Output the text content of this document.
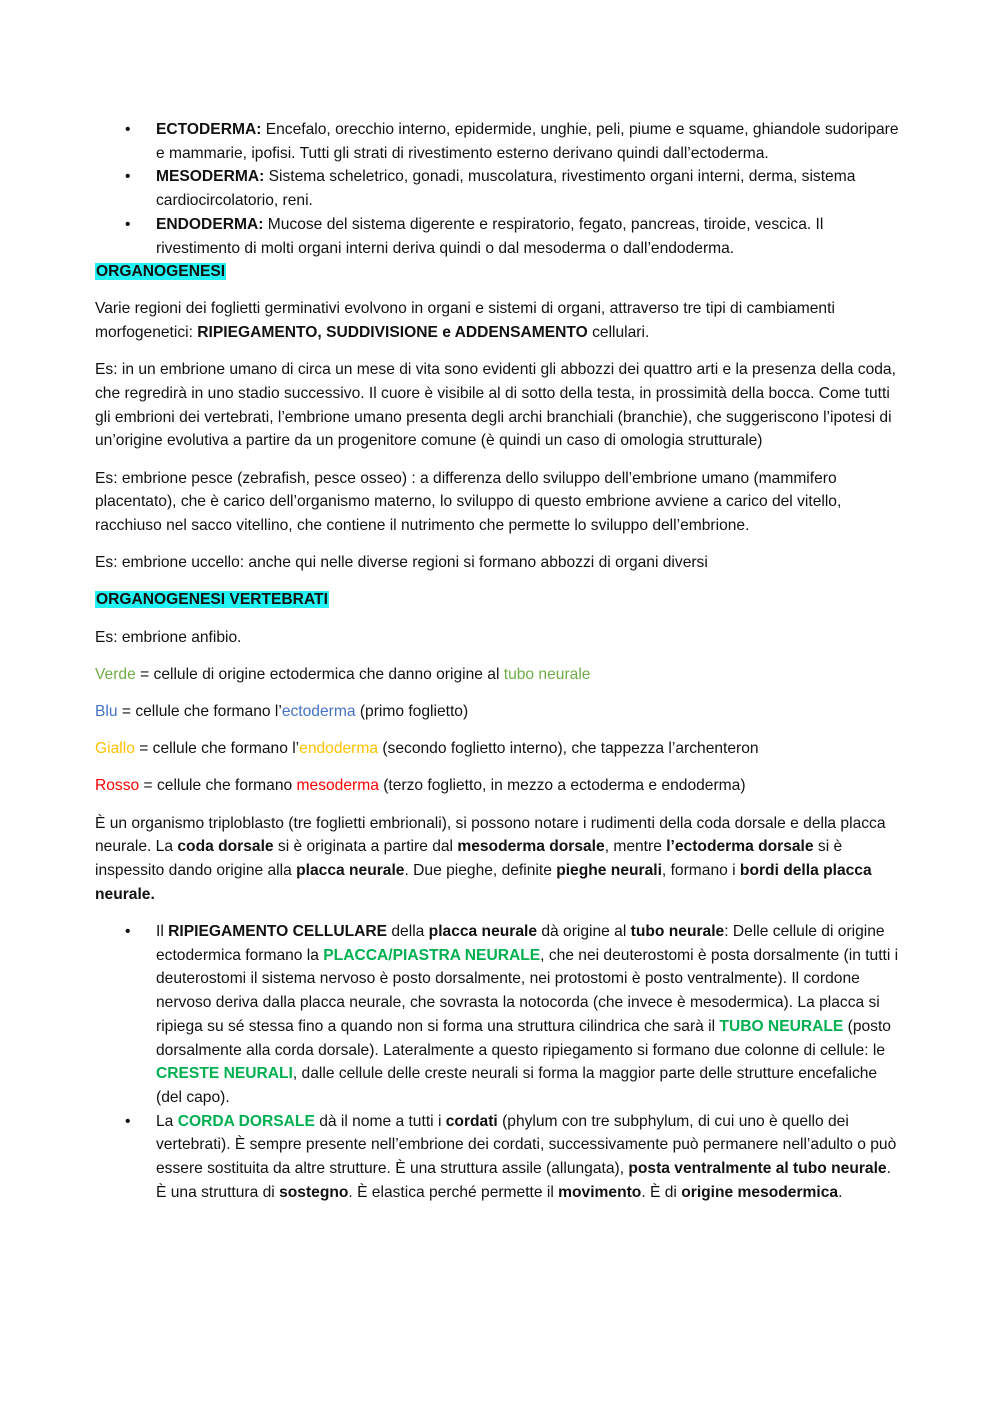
• ECTODERMA: Encefalo, orecchio interno, epidermide, unghie, peli, piume e squame, ghiandole sudoripare e mammarie, ipofisi. Tutti gli strati di rivestimento esterno derivano quindi dall’ectoderma.
• MESODERMA: Sistema scheletrico, gonadi, muscolatura, rivestimento organi interni, derma, sistema cardiocircolatorio, reni.
• ENDODERMA: Mucose del sistema digerente e respiratorio, fegato, pancreas, tiroide, vescica. Il rivestimento di molti organi interni deriva quindi o dal mesoderma o dall’endoderma.
ORGANOGENESI

Varie regioni dei foglietti germinativi evolvono in organi e sistemi di organi, attraverso tre tipi di cambiamenti morfogenetici: RIPIEGAMENTO, SUDDIVISIONE e ADDENSAMENTO cellulari.

Es: in un embrione umano di circa un mese di vita sono evidenti gli abbozzi dei quattro arti e la presenza della coda, che regredirà in uno stadio successivo. Il cuore è visibile al di sotto della testa, in prossimità della bocca. Come tutti gli embrioni dei vertebrati, l’embrione umano presenta degli archi branchiali (branchie), che suggeriscono l’ipotesi di un’origine evolutiva a partire da un progenitore comune (è quindi un caso di omologia strutturale)

Es: embrione pesce (zebrafish, pesce osseo) : a differenza dello sviluppo dell’embrione umano (mammifero placentato), che è carico dell’organismo materno, lo sviluppo di questo embrione avviene a carico del vitello, racchiuso nel sacco vitellino, che contiene il nutrimento che permette lo sviluppo dell’embrione.

Es: embrione uccello: anche qui nelle diverse regioni si formano abbozzi di organi diversi

ORGANOGENESI VERTEBRATI

Es: embrione anfibio.

Verde = cellule di origine ectodermica che danno origine al tubo neurale

Blu = cellule che formano l’ectoderma (primo foglietto)

Giallo = cellule che formano l’endoderma (secondo foglietto interno), che tappezza l’archenteron

Rosso = cellule che formano mesoderma (terzo foglietto, in mezzo a ectoderma e endoderma)

È un organismo triploblasto (tre foglietti embrionali), si possono notare i rudimenti della coda dorsale e della placca neurale. La coda dorsale si è originata a partire dal mesoderma dorsale, mentre l’ectoderma dorsale si è inspessito dando origine alla placca neurale. Due pieghe, definite pieghe neurali, formano i bordi della placca neurale.

• Il RIPIEGAMENTO CELLULARE della placca neurale dà origine al tubo neurale: Delle cellule di origine ectodermica formano la PLACCA/PIASTRA NEURALE, che nei deuterostomi è posta dorsalmente (in tutti i deuterostomi il sistema nervoso è posto dorsalmente, nei protostomi è posto ventralmente). Il cordone nervoso deriva dalla placca neurale, che sovrasta la notocorda (che invece è mesodermica). La placca si ripiega su sé stessa fino a quando non si forma una struttura cilindrica che sarà il TUBO NEURALE (posto dorsalmente alla corda dorsale). Lateralmente a questo ripiegamento si formano due colonne di cellule: le CRESTE NEURALI, dalle cellule delle creste neurali si forma la maggior parte delle strutture encefaliche (del capo).
• La CORDA DORSALE dà il nome a tutti i cordati (phylum con tre subphylum, di cui uno è quello dei vertebrati). È sempre presente nell’embrione dei cordati, successivamente può permanere nell’adulto o può essere sostituita da altre strutture. È una struttura assile (allungata), posta ventralmente al tubo neurale. È una struttura di sostegno. È elastica perché permette il movimento. È di origine mesodermica.
